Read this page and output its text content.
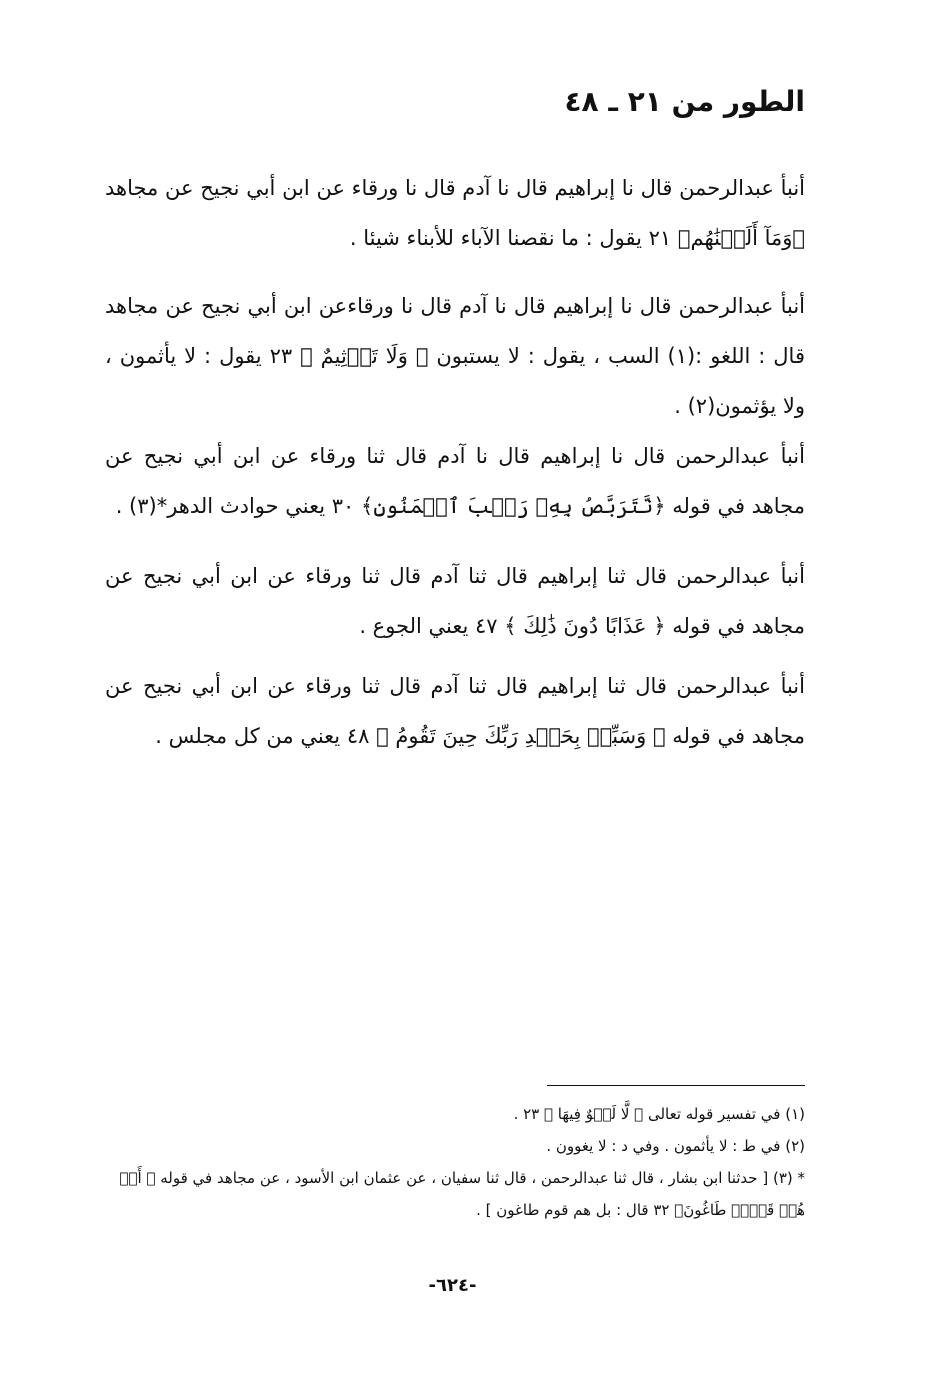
الطور من ٢١ ـ ٤٨

أنبأ عبدالرحمن قال نا إبراهيم قال نا آدم قال نا ورقاء عن ابن أبي نجيح عن مجاهد ﴿وَمَآ أَلَتۡنَٰهُم﴾ ٢١ يقول : ما نقصنا الآباء للأبناء شيئا .

أنبأ عبدالرحمن قال نا إبراهيم قال نا آدم قال نا ورقاءعن ابن أبي نجيح عن مجاهد قال : اللغو :(١) السب ، يقول : لا يستبون ﴿ وَلَا تَأۡثِيمٌ ﴾ ٢٣ يقول : لا يأثمون ، ولا يؤثمون(٢) .

أنبأ عبدالرحمن قال نا إبراهيم قال نا آدم قال ثنا ورقاء عن ابن أبي نجيح عن مجاهد في قوله ﴿نَّتَرَبَّصُ بِهِۦ رَيۡبَ ٱلۡمَنُونِ﴾ ٣٠ يعني حوادث الدهر*(٣) .

أنبأ عبدالرحمن قال ثنا إبراهيم قال ثنا آدم قال ثنا ورقاء عن ابن أبي نجيح عن مجاهد في قوله ﴿ عَذَابًا دُونَ ذَٰلِكَ ﴾ ٤٧ يعني الجوع .

أنبأ عبدالرحمن قال ثنا إبراهيم قال ثنا آدم قال ثنا ورقاء عن ابن أبي نجيح عن مجاهد في قوله ﴿ وَسَبِّحۡ بِحَمۡدِ رَبِّكَ حِينَ تَقُومُ ﴾ ٤٨ يعني من كل مجلس .

(١) في تفسير قوله تعالى ﴿ لَّا لَغۡوٌ فِيهَا ﴾ ٢٣ .

(٢) في ط : لا يأثمون . وفي د : لا يغوون .

* (٣) [ حدثنا ابن بشار ، قال ثنا عبدالرحمن ، قال ثنا سفيان ، عن عثمان ابن الأسود ، عن مجاهد في قوله ﴿ أَمۡ هُمۡ قَوۡمٞ طَاغُونَ﴾ ٣٢ قال : بل هم قوم طاغون ] .

-٦٢٤-
